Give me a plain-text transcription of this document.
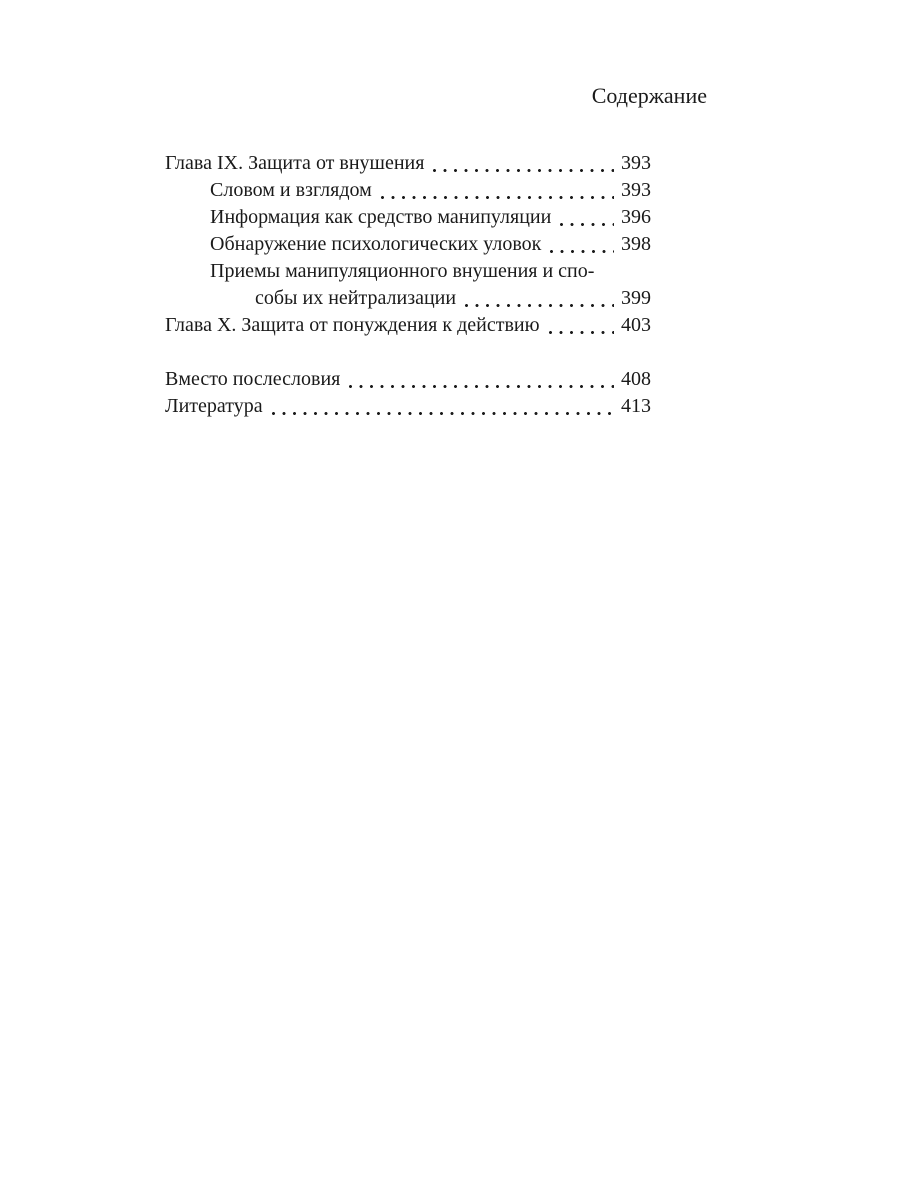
Содержание
Глава IX. Защита от внушения	393
Словом и взглядом	393
Информация как средство манипуляции	396
Обнаружение психологических уловок	398
Приемы манипуляционного внушения и спо-
собы их нейтрализации	399
Глава X. Защита от понуждения к действию	403
Вместо послесловия	408
Литература	413
